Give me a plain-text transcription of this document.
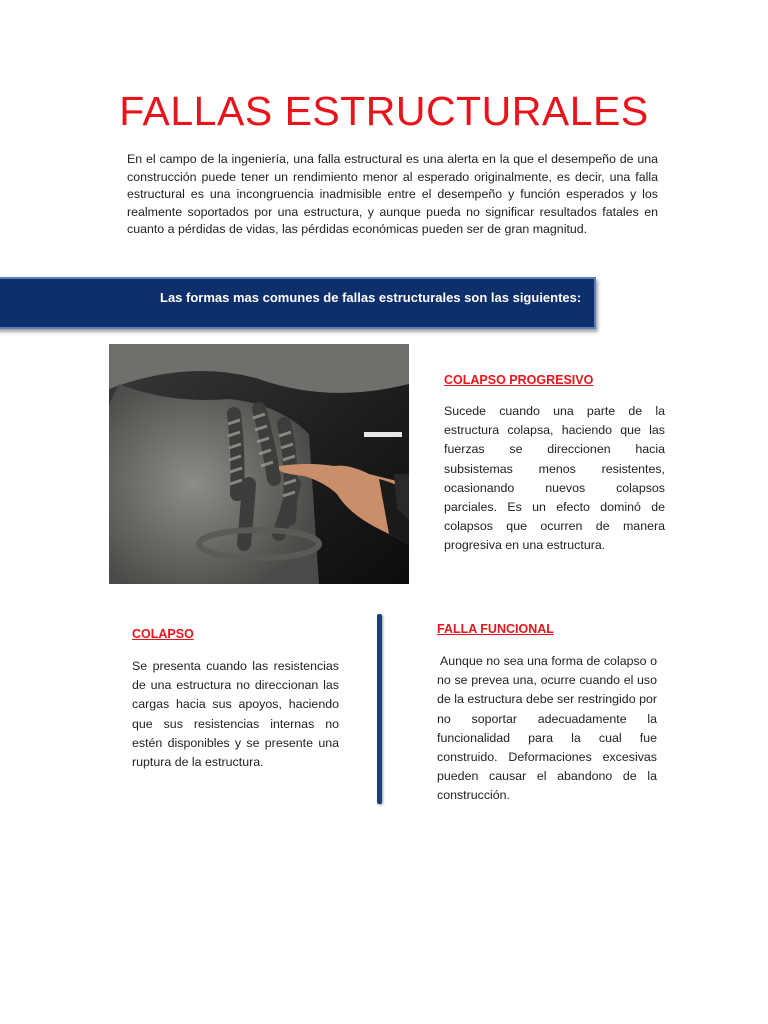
FALLAS ESTRUCTURALES
En el campo de la ingeniería, una falla estructural es una alerta en la que el desempeño de una construcción puede tener un rendimiento menor al esperado originalmente, es decir, una falla estructural es una incongruencia inadmisible entre el desempeño y función esperados y los realmente soportados por una estructura, y aunque pueda no significar resultados fatales en cuanto a pérdidas de vidas, las pérdidas económicas pueden ser de gran magnitud.
Las formas mas comunes de fallas estructurales son las siguientes:
COLAPSO PROGRESIVO
Sucede cuando una parte de la estructura colapsa, haciendo que las fuerzas se direccionen hacia subsistemas menos resistentes, ocasionando nuevos colapsos parciales. Es un efecto dominó de colapsos que ocurren de manera progresiva en una estructura.
COLAPSO
Se presenta cuando las resistencias de una estructura no direccionan las cargas hacia sus apoyos, haciendo que sus resistencias internas no estén disponibles y se presente una ruptura de la estructura.
FALLA FUNCIONAL
Aunque no sea una forma de colapso o no se prevea una, ocurre cuando el uso de la estructura debe ser restringido por no soportar adecuadamente la funcionalidad para la cual fue construido. Deformaciones excesivas pueden causar el abandono de la construcción.
